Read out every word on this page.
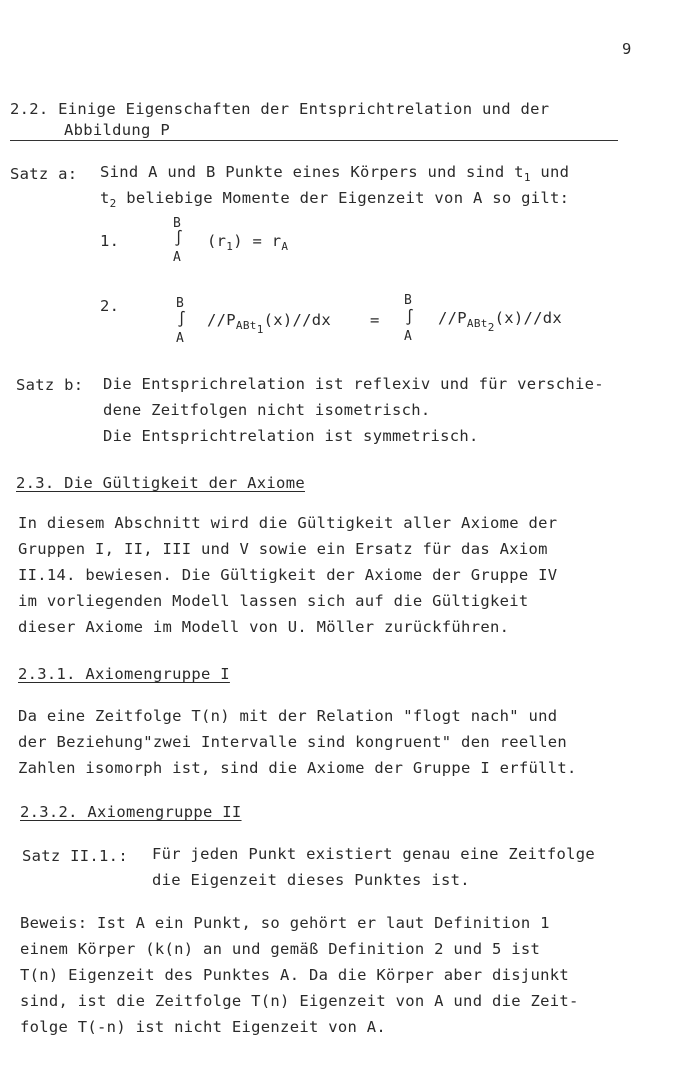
9
2.2. Einige Eigenschaften der Entsprichtrelation und der
Abbildung P
Satz a: Sind A und B Punkte eines Körpers und sind $t_1$ und
$t_2$ beliebige Momente der Eigenzeit von A so gilt:
1.
B
∫
A
$(r_1) = r_A$
2.	B
∫
A
$//P_{ABt1}(x)//dx$	=
B
∫
A
$//P_{ABt2}(x)//dx$
Satz b: Die Entsprichrelation ist reflexiv und für verschie-
dene Zeitfolgen nicht isometrisch.
Die Entsprichtrelation ist symmetrisch.
2.3. Die Gültigkeit der Axiome
In diesem Abschnitt wird die Gültigkeit aller Axiome der
Gruppen I, II, III und V sowie ein Ersatz für das Axiom
II.14. bewiesen. Die Gültigkeit der Axiome der Gruppe IV
im vorliegenden Modell lassen sich auf die Gültigkeit
dieser Axiome im Modell von U. Möller zurückführen.
2.3.1. Axiomengruppe I
Da eine Zeitfolge T(n) mit der Relation "flogt nach" und
der Beziehung"zwei Intervalle sind kongruent" den reellen
Zahlen isomorph ist, sind die Axiome der Gruppe I erfüllt.
2.3.2. Axiomengruppe II
Satz II.1.: Für jeden Punkt existiert genau eine Zeitfolge
die Eigenzeit dieses Punktes ist.
Beweis: Ist A ein Punkt, so gehört er laut Definition 1
einem Körper (k(n) an und gemäß Definition 2 und 5 ist
T(n) Eigenzeit des Punktes A. Da die Körper aber disjunkt
sind, ist die Zeitfolge T(n) Eigenzeit von A und die Zeit-
folge T(-n) ist nicht Eigenzeit von A.
